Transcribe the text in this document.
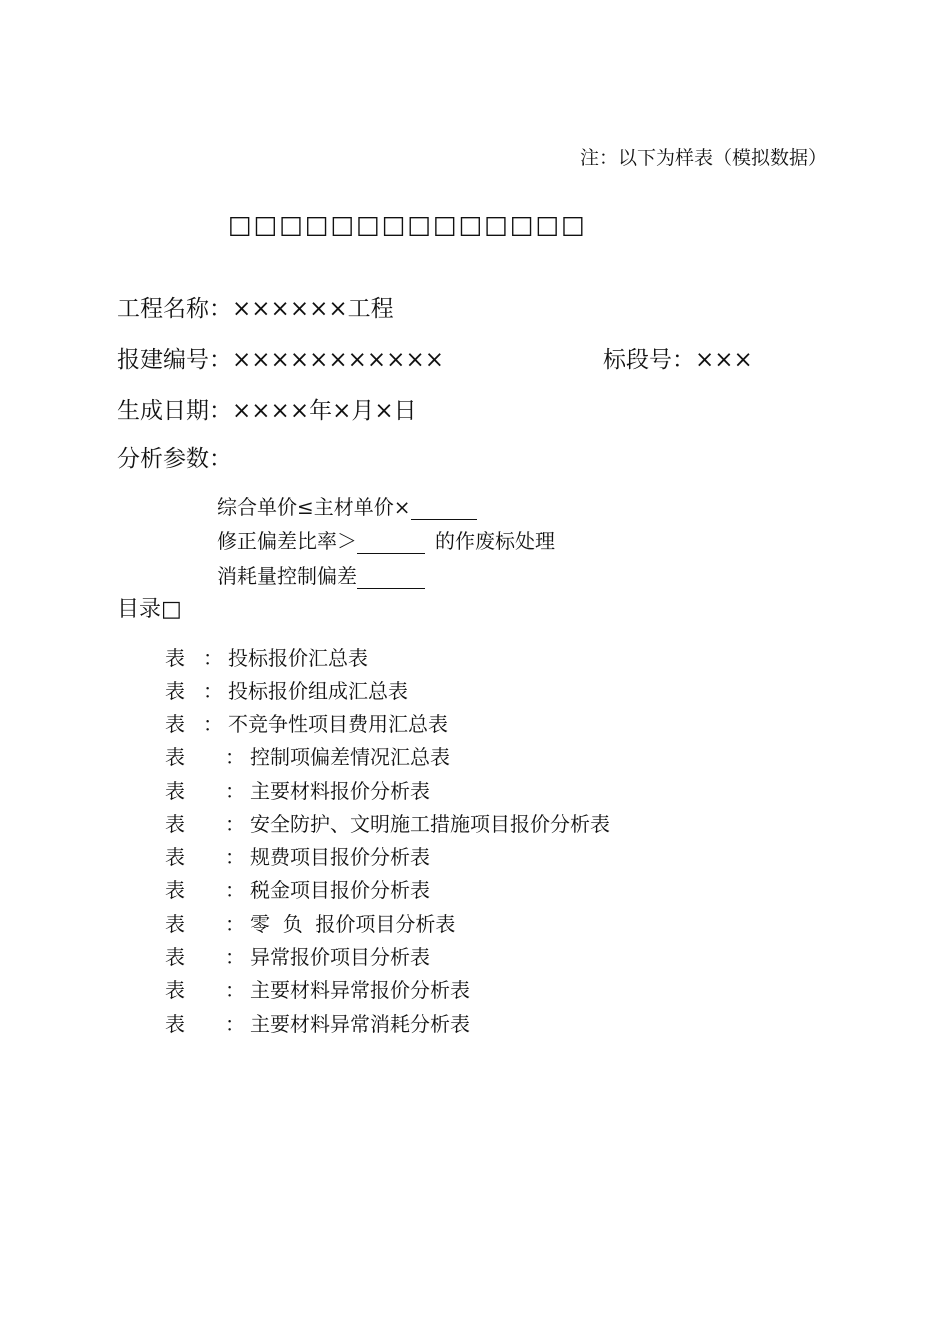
注：以下为样表（模拟数据）
□□□□□□□□□□□□□□
工程名称：××××××工程
报建编号：×××××××××××	标段号：×××
生成日期：××××年×月×日
分析参数：
综合单价≤主材单价×
修正偏差比率＞	的作废标处理
消耗量控制偏差
目录□
表 ： 投标报价汇总表
表 ： 投标报价组成汇总表
表 ： 不竞争性项目费用汇总表
表 ： 控制项偏差情况汇总表
表 ： 主要材料报价分析表
表 ： 安全防护、文明施工措施项目报价分析表
表 ： 规费项目报价分析表
表 ： 税金项目报价分析表
表 ： 零  负  报价项目分析表
表 ： 异常报价项目分析表
表 ： 主要材料异常报价分析表
表 ： 主要材料异常消耗分析表
